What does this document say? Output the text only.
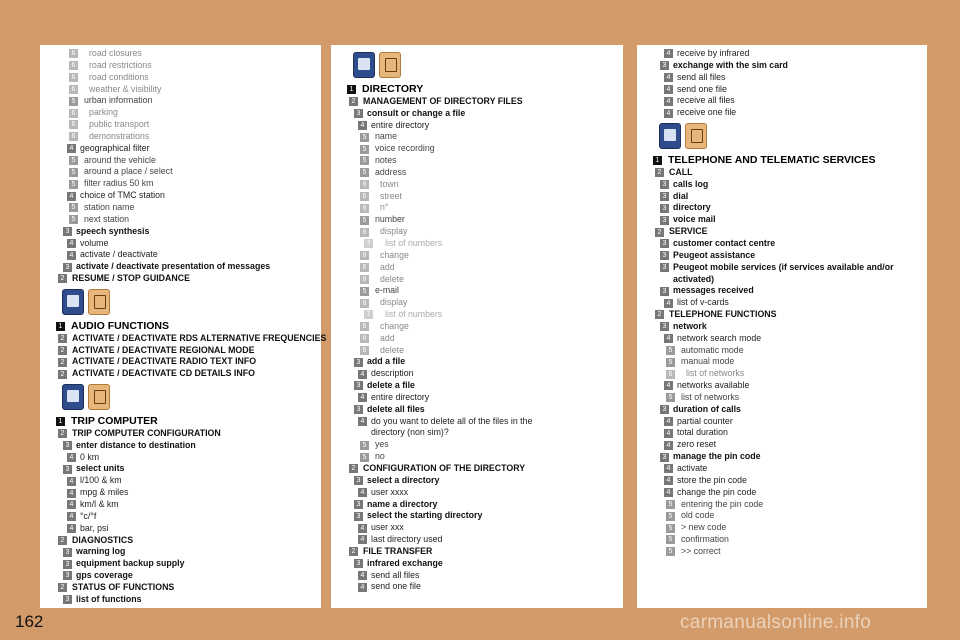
6 road closures
6 road restrictions
6 road conditions
6 weather & visibility
5 urban information
6 parking
6 public transport
6 demonstrations
4 geographical filter
5 around the vehicle
5 around a place / select
5 filter radius 50 km
4 choice of TMC station
5 station name
5 next station
3 speech synthesis
4 volume
4 activate / deactivate
3 activate / deactivate presentation of messages
2 RESUME / STOP GUIDANCE
1 AUDIO FUNCTIONS
2 ACTIVATE / DEACTIVATE RDS ALTERNATIVE FREQUENCIES
2 ACTIVATE / DEACTIVATE REGIONAL MODE
2 ACTIVATE / DEACTIVATE RADIO TEXT INFO
2 ACTIVATE / DEACTIVATE CD DETAILS INFO
1 TRIP COMPUTER
2 TRIP COMPUTER CONFIGURATION
3 enter distance to destination
4 0 km
3 select units
4 l/100 & km
4 mpg & miles
4 km/l & km
4 °c/°f
4 bar, psi
2 DIAGNOSTICS
3 warning log
3 equipment backup supply
3 gps coverage
2 STATUS OF FUNCTIONS
3 list of functions
1 DIRECTORY
2 MANAGEMENT OF DIRECTORY FILES
3 consult or change a file
4 entire directory
5 name
5 voice recording
5 notes
5 address
6 town
6 street
6 n°
5 number
6 display
7 list of numbers
6 change
6 add
6 delete
5 e-mail
6 display
7 list of numbers
6 change
6 add
6 delete
3 add a file
4 description
3 delete a file
4 entire directory
3 delete all files
4 do you want to delete all of the files in the
directory (non sim)?
5 yes
5 no
2 CONFIGURATION OF THE DIRECTORY
3 select a directory
4 user xxxx
3 name a directory
3 select the starting directory
4 user xxx
4 last directory used
2 FILE TRANSFER
3 infrared exchange
4 send all files
4 send one file
4 receive by infrared
3 exchange with the sim card
4 send all files
4 send one file
4 receive all files
4 receive one file
1 TELEPHONE AND TELEMATIC SERVICES
2 CALL
3 calls log
3 dial
3 directory
3 voice mail
2 SERVICE
3 customer contact centre
3 Peugeot assistance
3 Peugeot mobile services (if services available and/or
activated)
3 messages received
4 list of v-cards
2 TELEPHONE FUNCTIONS
3 network
4 network search mode
5 automatic mode
5 manual mode
6 list of networks
4 networks available
5 list of networks
3 duration of calls
4 partial counter
4 total duration
4 zero reset
3 manage the pin code
4 activate
4 store the pin code
4 change the pin code
5 entering the pin code
5 old code
5 > new code
5 confirmation
5 >> correct
162	carmanualsonline.info
